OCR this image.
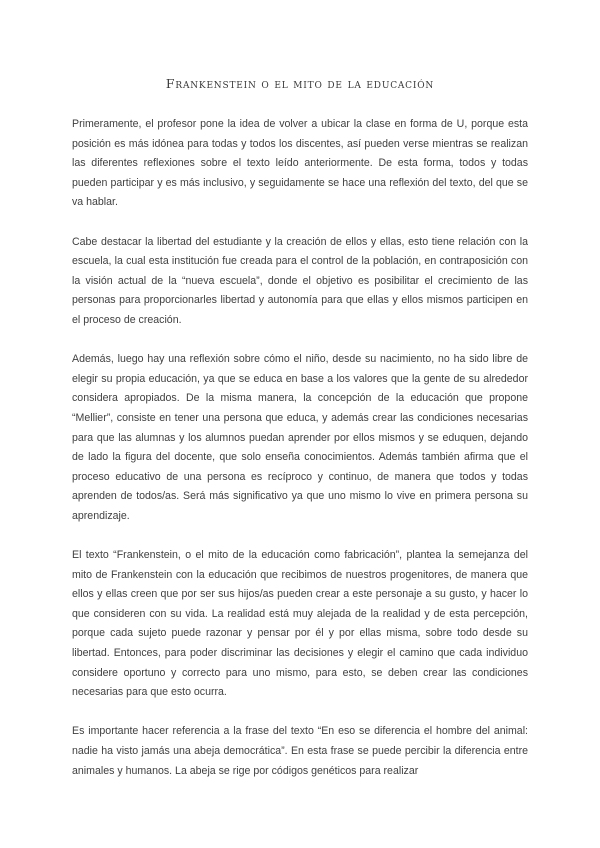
Frankenstein o el mito de la educación

Primeramente, el profesor pone la idea de volver a ubicar la clase en forma de U, porque esta posición es más idónea para todas y todos los discentes, así pueden verse mientras se realizan las diferentes reflexiones sobre el texto leído anteriormente. De esta forma, todos y todas pueden participar y es más inclusivo, y seguidamente se hace una reflexión del texto, del que se va hablar.

Cabe destacar la libertad del estudiante y la creación de ellos y ellas, esto tiene relación con la escuela, la cual esta institución fue creada para el control de la población, en contraposición con la visión actual de la “nueva escuela”, donde el objetivo es posibilitar el crecimiento de las personas para proporcionarles libertad y autonomía para que ellas y ellos mismos participen en el proceso de creación.

Además, luego hay una reflexión sobre cómo el niño, desde su nacimiento, no ha sido libre de elegir su propia educación, ya que se educa en base a los valores que la gente de su alrededor considera apropiados. De la misma manera, la concepción de la educación que propone “Mellier”, consiste en tener una persona que educa, y además crear las condiciones necesarias para que las alumnas y los alumnos puedan aprender por ellos mismos y se eduquen, dejando de lado la figura del docente, que solo enseña conocimientos. Además también afirma que el proceso educativo de una persona es recíproco y continuo, de manera que todos y todas aprenden de todos/as. Será más significativo ya que uno mismo lo vive en primera persona su aprendizaje.

El texto “Frankenstein, o el mito de la educación como fabricación”, plantea la semejanza del mito de Frankenstein con la educación que recibimos de nuestros progenitores, de manera que ellos y ellas creen que por ser sus hijos/as pueden crear a este personaje a su gusto, y hacer lo que consideren con su vida. La realidad está muy alejada de la realidad y de esta percepción, porque cada sujeto puede razonar y pensar por él y por ellas misma, sobre todo desde su libertad. Entonces, para poder discriminar las decisiones y elegir el camino que cada individuo considere oportuno y correcto para uno mismo, para esto, se deben crear las condiciones necesarias para que esto ocurra.

Es importante hacer referencia a la frase del texto “En eso se diferencia el hombre del animal: nadie ha visto jamás una abeja democrática”. En esta frase se puede percibir la diferencia entre animales y humanos. La abeja se rige por códigos genéticos para realizar
